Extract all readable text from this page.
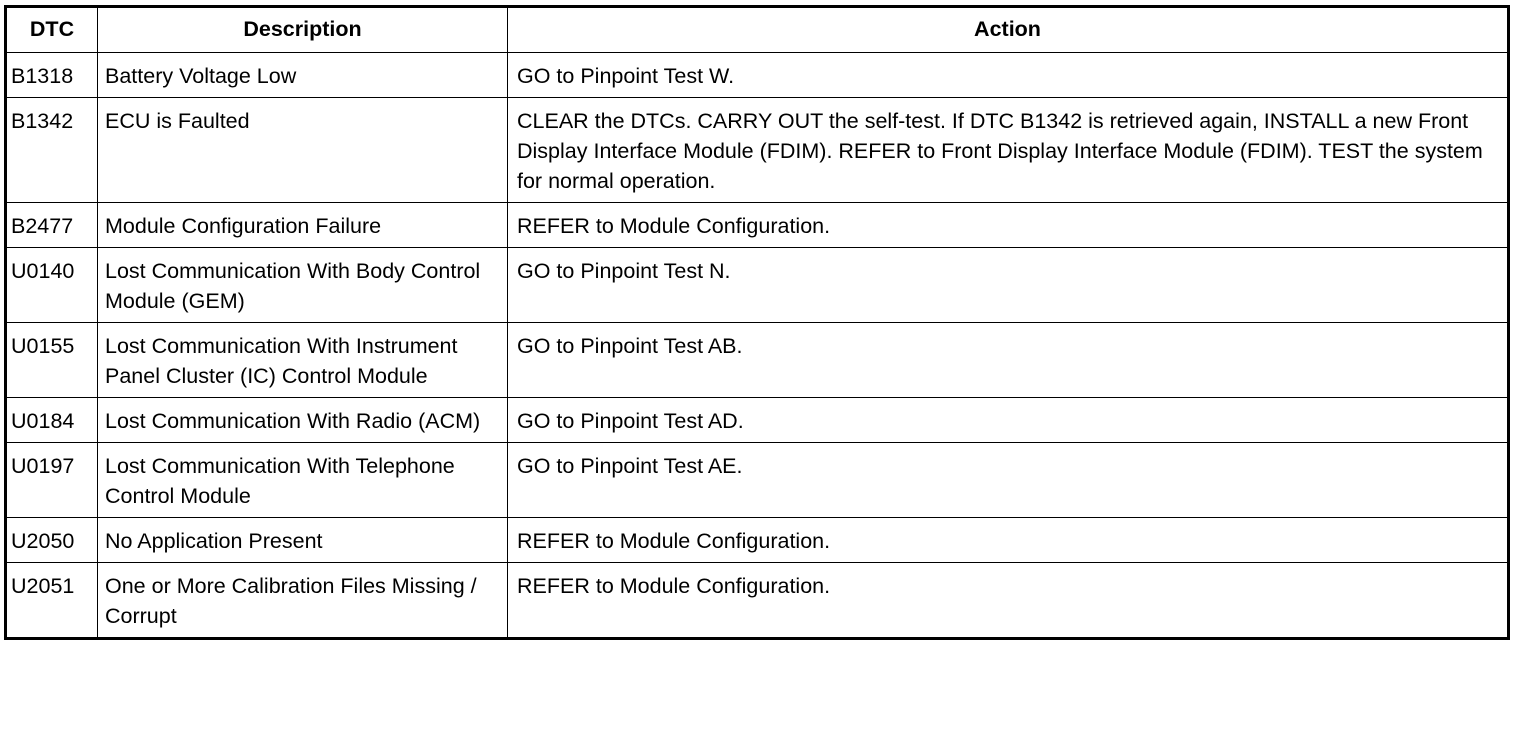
DTC	Description	Action
B1318	Battery Voltage Low	GO to Pinpoint Test W.
B1342	ECU is Faulted	CLEAR the DTCs. CARRY OUT the self-test. If DTC B1342 is retrieved again, INSTALL a new Front Display Interface Module (FDIM). REFER to Front Display Interface Module (FDIM). TEST the system for normal operation.
B2477	Module Configuration Failure	REFER to Module Configuration.
U0140	Lost Communication With Body Control Module (GEM)	GO to Pinpoint Test N.
U0155	Lost Communication With Instrument Panel Cluster (IC) Control Module	GO to Pinpoint Test AB.
U0184	Lost Communication With Radio (ACM)	GO to Pinpoint Test AD.
U0197	Lost Communication With Telephone Control Module	GO to Pinpoint Test AE.
U2050	No Application Present	REFER to Module Configuration.
U2051	One or More Calibration Files Missing / Corrupt	REFER to Module Configuration.
